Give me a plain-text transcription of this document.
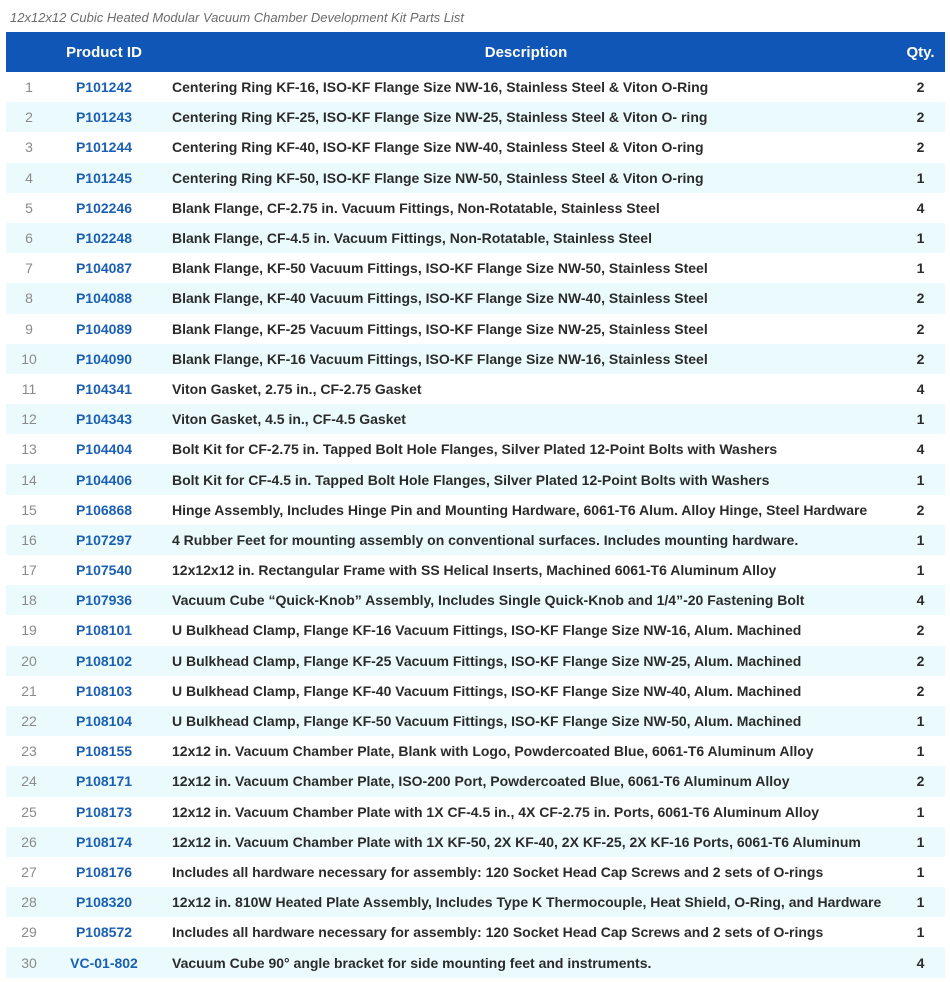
12x12x12 Cubic Heated Modular Vacuum Chamber Development Kit Parts List
	Product ID	Description	Qty.
1	P101242	Centering Ring KF-16, ISO-KF Flange Size NW-16, Stainless Steel & Viton O-Ring	2
2	P101243	Centering Ring KF-25, ISO-KF Flange Size NW-25, Stainless Steel & Viton O- ring	2
3	P101244	Centering Ring KF-40, ISO-KF Flange Size NW-40, Stainless Steel & Viton O-ring	2
4	P101245	Centering Ring KF-50, ISO-KF Flange Size NW-50, Stainless Steel & Viton O-ring	1
5	P102246	Blank Flange, CF-2.75 in. Vacuum Fittings, Non-Rotatable, Stainless Steel	4
6	P102248	Blank Flange, CF-4.5 in. Vacuum Fittings, Non-Rotatable, Stainless Steel	1
7	P104087	Blank Flange, KF-50 Vacuum Fittings, ISO-KF Flange Size NW-50, Stainless Steel	1
8	P104088	Blank Flange, KF-40 Vacuum Fittings, ISO-KF Flange Size NW-40, Stainless Steel	2
9	P104089	Blank Flange, KF-25 Vacuum Fittings, ISO-KF Flange Size NW-25, Stainless Steel	2
10	P104090	Blank Flange, KF-16 Vacuum Fittings, ISO-KF Flange Size NW-16, Stainless Steel	2
11	P104341	Viton Gasket, 2.75 in., CF-2.75 Gasket	4
12	P104343	Viton Gasket, 4.5 in., CF-4.5 Gasket	1
13	P104404	Bolt Kit for CF-2.75 in. Tapped Bolt Hole Flanges, Silver Plated 12-Point Bolts with Washers	4
14	P104406	Bolt Kit for CF-4.5 in. Tapped Bolt Hole Flanges, Silver Plated 12-Point Bolts with Washers	1
15	P106868	Hinge Assembly, Includes Hinge Pin and Mounting Hardware, 6061-T6 Alum. Alloy Hinge, Steel Hardware	2
16	P107297	4 Rubber Feet for mounting assembly on conventional surfaces. Includes mounting hardware.	1
17	P107540	12x12x12 in. Rectangular Frame with SS Helical Inserts, Machined 6061-T6 Aluminum Alloy	1
18	P107936	Vacuum Cube “Quick-Knob” Assembly, Includes Single Quick-Knob and 1/4”-20 Fastening Bolt	4
19	P108101	U Bulkhead Clamp, Flange KF-16 Vacuum Fittings, ISO-KF Flange Size NW-16, Alum. Machined	2
20	P108102	U Bulkhead Clamp, Flange KF-25 Vacuum Fittings, ISO-KF Flange Size NW-25, Alum. Machined	2
21	P108103	U Bulkhead Clamp, Flange KF-40 Vacuum Fittings, ISO-KF Flange Size NW-40, Alum. Machined	2
22	P108104	U Bulkhead Clamp, Flange KF-50 Vacuum Fittings, ISO-KF Flange Size NW-50, Alum. Machined	1
23	P108155	12x12 in. Vacuum Chamber Plate, Blank with Logo, Powdercoated Blue, 6061-T6 Aluminum Alloy	1
24	P108171	12x12 in. Vacuum Chamber Plate, ISO-200 Port, Powdercoated Blue, 6061-T6 Aluminum Alloy	2
25	P108173	12x12 in. Vacuum Chamber Plate with 1X CF-4.5 in., 4X CF-2.75 in. Ports, 6061-T6 Aluminum Alloy	1
26	P108174	12x12 in. Vacuum Chamber Plate with 1X KF-50, 2X KF-40, 2X KF-25, 2X KF-16 Ports, 6061-T6 Aluminum	1
27	P108176	Includes all hardware necessary for assembly: 120 Socket Head Cap Screws and 2 sets of O-rings	1
28	P108320	12x12 in. 810W Heated Plate Assembly, Includes Type K Thermocouple, Heat Shield, O-Ring, and Hardware	1
29	P108572	Includes all hardware necessary for assembly: 120 Socket Head Cap Screws and 2 sets of O-rings	1
30	VC-01-802	Vacuum Cube 90° angle bracket for side mounting feet and instruments.	4
